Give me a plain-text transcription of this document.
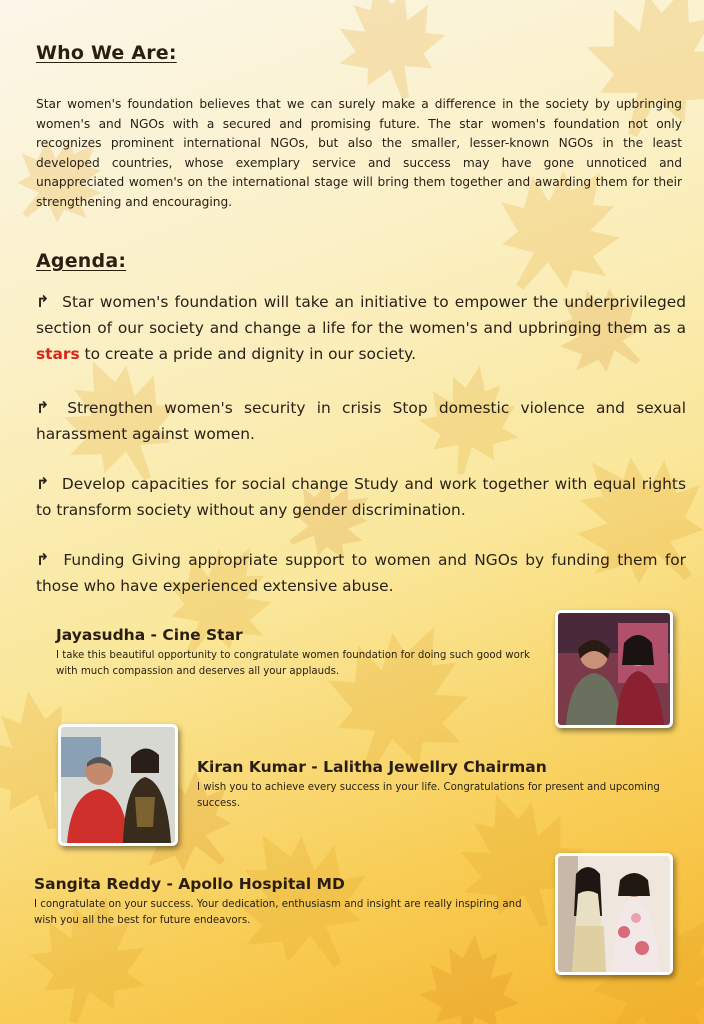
Who We Are:

Star women's foundation believes that we can surely make a difference in the society by upbringing women's and NGOs with a secured and promising future. The star women's foundation not only recognizes prominent international NGOs, but also the smaller, lesser-known NGOs in the least developed countries, whose exemplary service and success may have gone unnoticed and unappreciated women's on the international stage will bring them together and awarding them for their strengthening and encouraging.

Agenda:

↱ Star women's foundation will take an initiative to empower the underprivileged section of our society and change a life for the women's and upbringing them as a stars to create a pride and dignity in our society.

↱ Strengthen women's security in crisis Stop domestic violence and sexual harassment against women.

↱ Develop capacities for social change Study and work together with equal rights to transform society without any gender discrimination.

↱ Funding Giving appropriate support to women and NGOs by funding them for those who have experienced extensive abuse.

Jayasudha - Cine Star

I take this beautiful opportunity to congratulate women foundation for doing such good work with much compassion and deserves all your applauds.

Kiran Kumar - Lalitha Jewellry Chairman

I wish you to achieve every success in your life. Congratulations for present and upcoming success.

Sangita Reddy - Apollo Hospital MD

I congratulate on your success. Your dedication, enthusiasm and insight are really inspiring and wish you all the best for future endeavors.
